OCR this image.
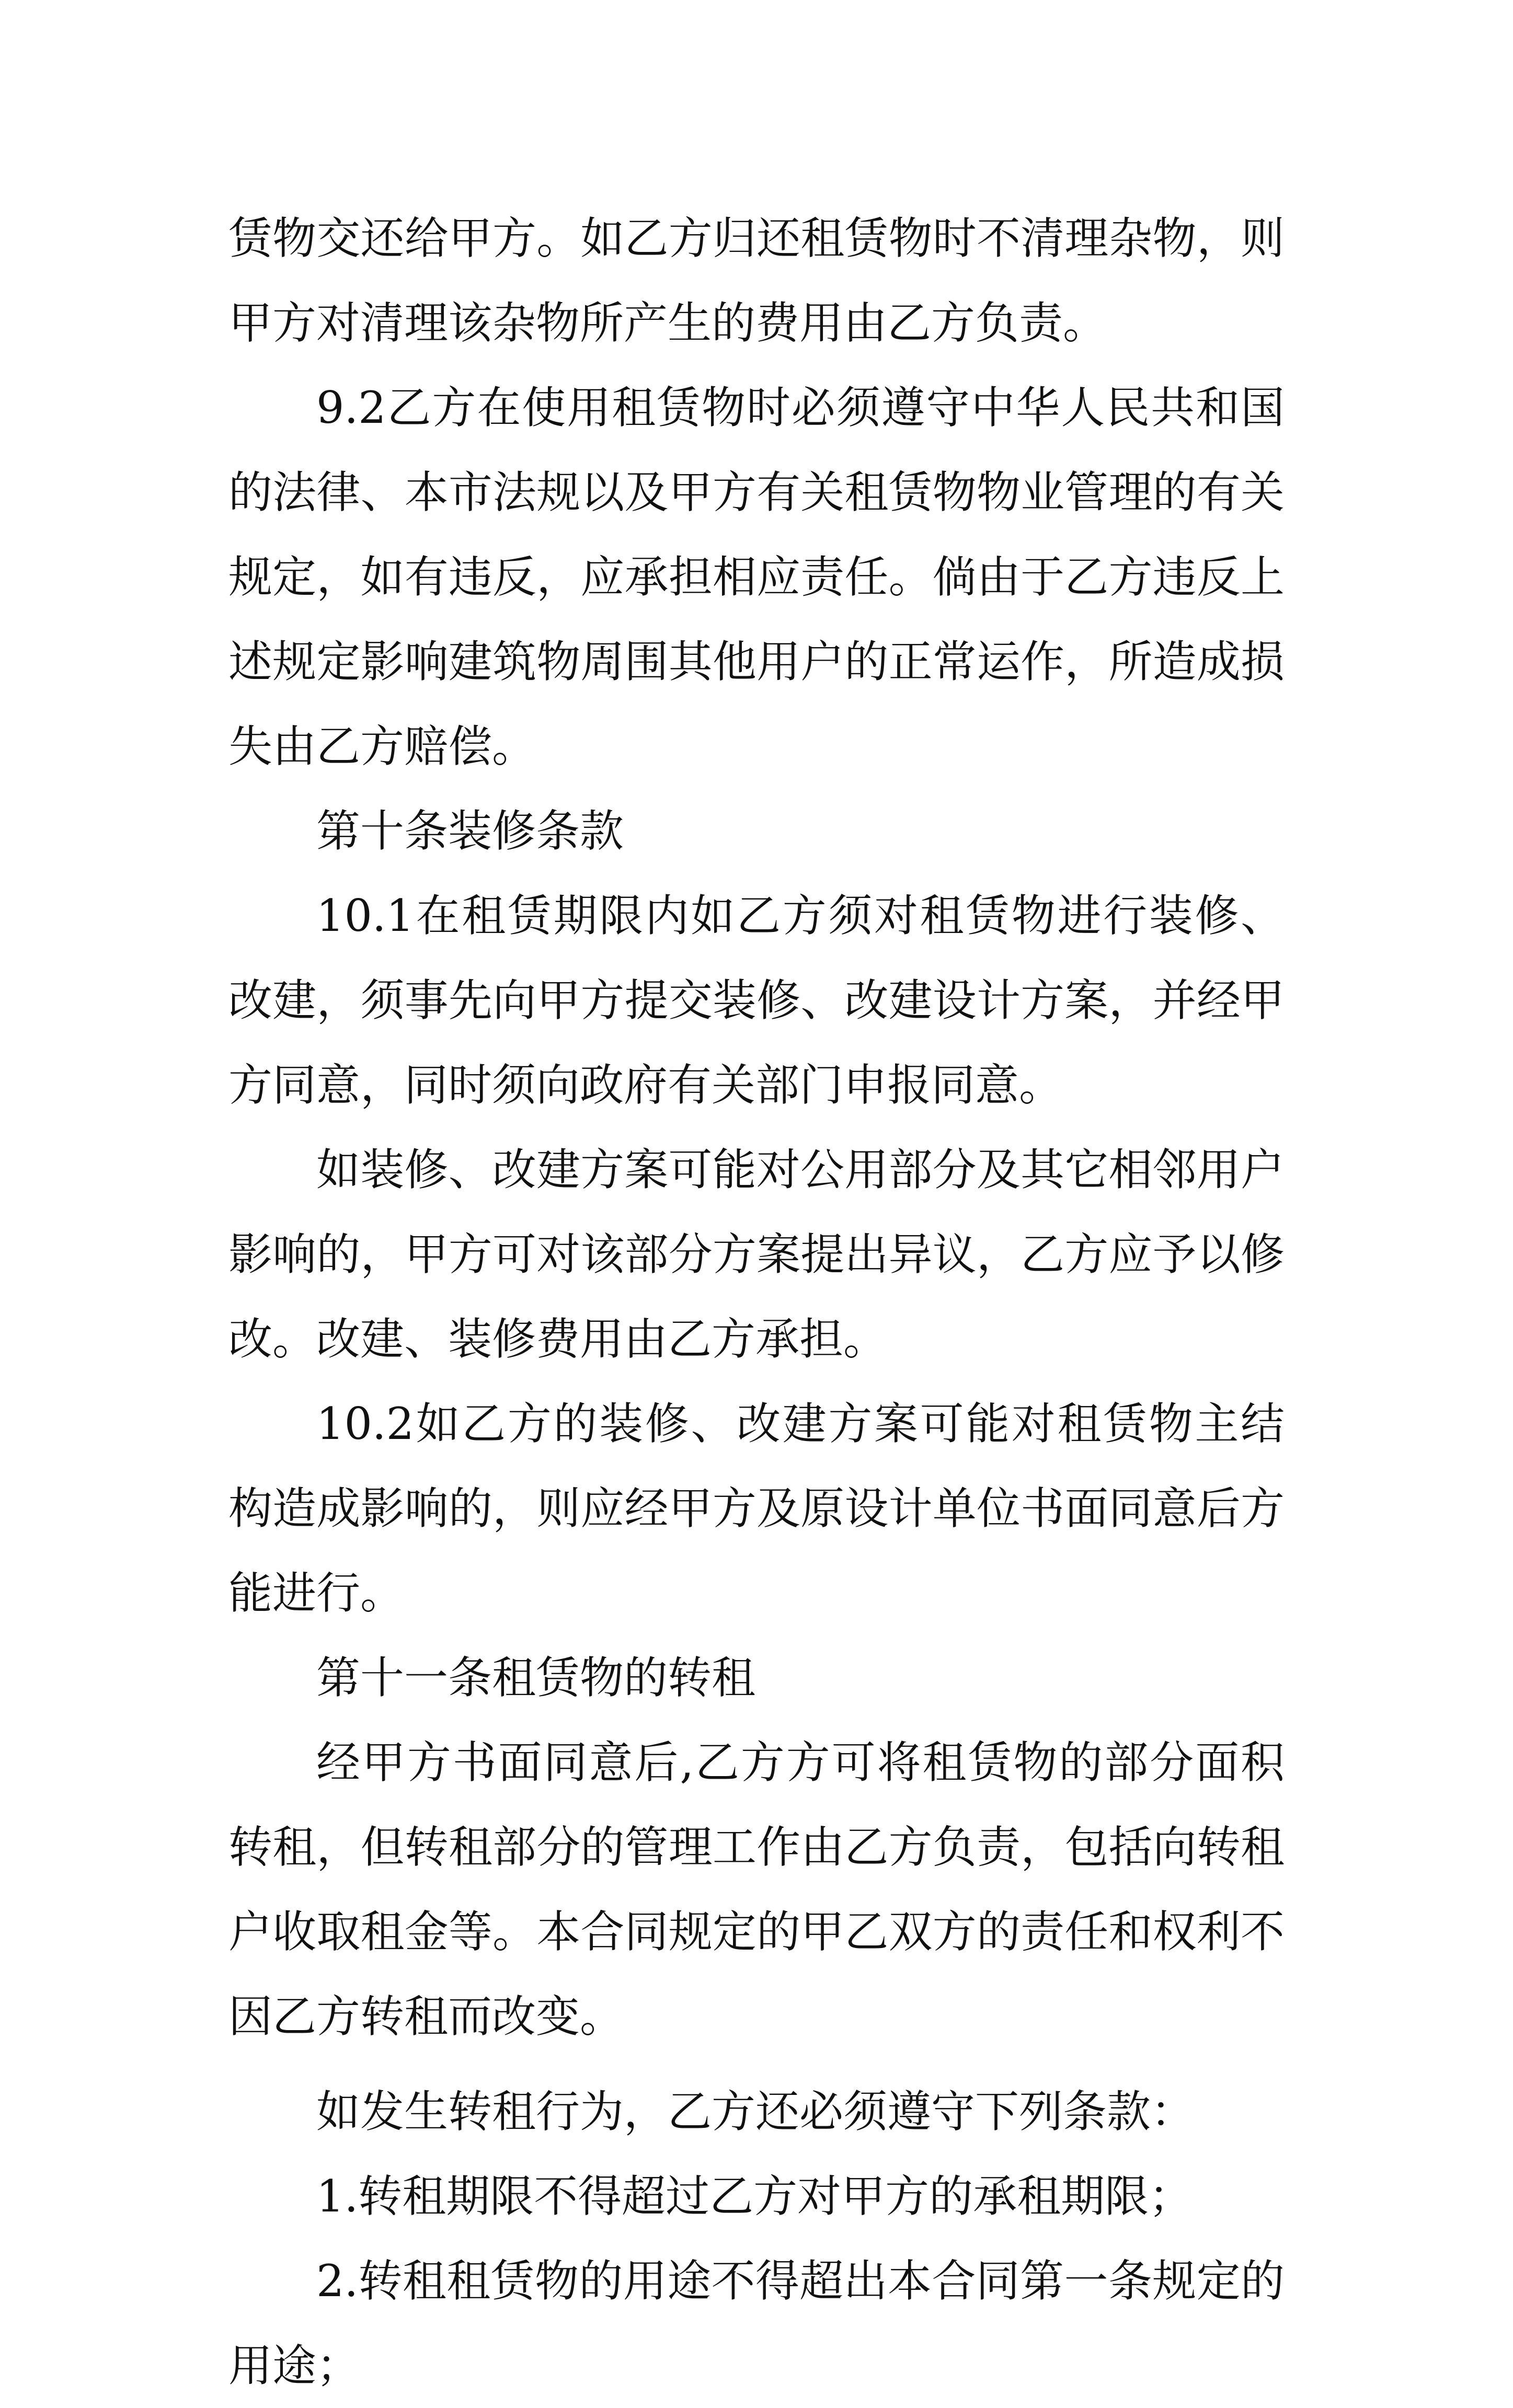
赁物交还给甲方。如乙方归还租赁物时不清理杂物，则甲方对清理该杂物所产生的费用由乙方负责。

9.2乙方在使用租赁物时必须遵守中华人民共和国的法律、本市法规以及甲方有关租赁物物业管理的有关规定，如有违反，应承担相应责任。倘由于乙方违反上述规定影响建筑物周围其他用户的正常运作，所造成损失由乙方赔偿。

第十条装修条款

10.1在租赁期限内如乙方须对租赁物进行装修、改建，须事先向甲方提交装修、改建设计方案，并经甲方同意，同时须向政府有关部门申报同意。

如装修、改建方案可能对公用部分及其它相邻用户影响的，甲方可对该部分方案提出异议，乙方应予以修改。改建、装修费用由乙方承担。

10.2如乙方的装修、改建方案可能对租赁物主结构造成影响的，则应经甲方及原设计单位书面同意后方能进行。

第十一条租赁物的转租

经甲方书面同意后,乙方方可将租赁物的部分面积转租，但转租部分的管理工作由乙方负责，包括向转租户收取租金等。本合同规定的甲乙双方的责任和权利不因乙方转租而改变。

如发生转租行为，乙方还必须遵守下列条款：

1.转租期限不得超过乙方对甲方的承租期限；

2.转租租赁物的用途不得超出本合同第一条规定的用途；
